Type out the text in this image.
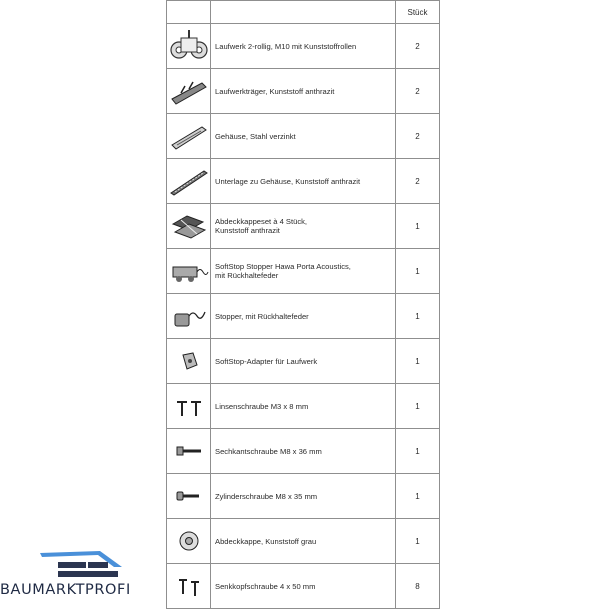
		Stück

Laufwerk 2-rollig, M10 mit Kunststoffrollen	2

Laufwerkträger, Kunststoff anthrazit	2

Gehäuse, Stahl verzinkt	2

Unterlage zu Gehäuse, Kunststoff anthrazit	2

Abdeckkappeset à 4 Stück,
Kunststoff anthrazit	1

SoftStop Stopper Hawa Porta Acoustics,
mit Rückhaltefeder	1

Stopper, mit Rückhaltefeder	1

SoftStop-Adapter für Laufwerk	1

Linsenschraube M3 x 8 mm	1

Sechkantschraube M8 x 36 mm	1

Zylinderschraube M8 x 35 mm	1

Abdeckkappe, Kunststoff grau	1

Senkkopfschraube 4 x 50 mm	8
BAUMARKTPROFI
